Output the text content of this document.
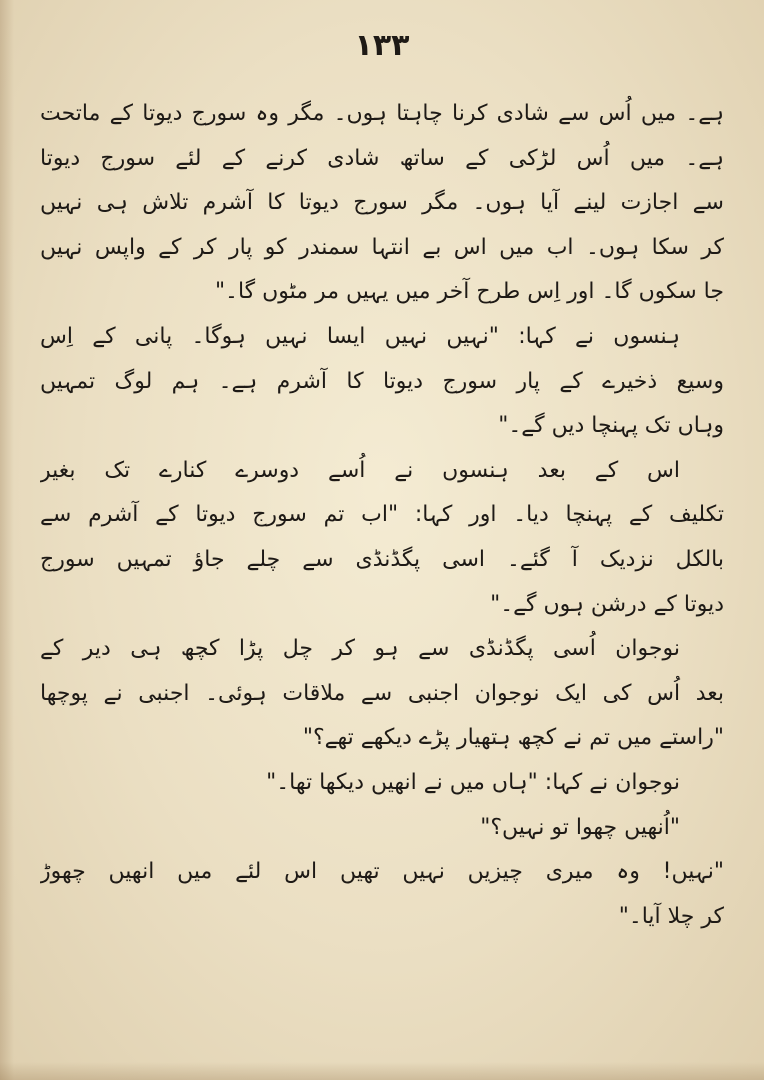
۱۳۳
ہے۔ میں اُس سے شادی کرنا چاہتا ہوں۔ مگر وہ سورج دیوتا کے ماتحت
ہے۔ میں اُس لڑکی کے ساتھ شادی کرنے کے لئے سورج دیوتا
سے اجازت لینے آیا ہوں۔ مگر سورج دیوتا کا آشرم تلاش ہی نہیں
کر سکا ہوں۔ اب میں اس بے انتہا سمندر کو پار کر کے واپس نہیں
جا سکوں گا۔ اور اِس طرح آخر میں یہیں مر مٹوں گا۔"
ہنسوں نے کہا: "نہیں نہیں ایسا نہیں ہوگا۔ پانی کے اِس
وسیع ذخیرے کے پار سورج دیوتا کا آشرم ہے۔ ہم لوگ تمہیں
وہاں تک پہنچا دیں گے۔"
اس کے بعد ہنسوں نے اُسے دوسرے کنارے تک بغیر
تکلیف کے پہنچا دیا۔ اور کہا: "اب تم سورج دیوتا کے آشرم سے
بالکل نزدیک آ گئے۔ اسی پگڈنڈی سے چلے جاؤ تمہیں سورج
دیوتا کے درشن ہوں گے۔"
نوجوان اُسی پگڈنڈی سے ہو کر چل پڑا کچھ ہی دیر کے
بعد اُس کی ایک نوجوان اجنبی سے ملاقات ہوئی۔ اجنبی نے پوچھا
"راستے میں تم نے کچھ ہتھیار پڑے دیکھے تھے؟"
نوجوان نے کہا: "ہاں میں نے انھیں دیکھا تھا۔"
"اُنھیں چھوا تو نہیں؟"
"نہیں! وہ میری چیزیں نہیں تھیں اس لئے میں انھیں چھوڑ
کر چلا آیا۔"
